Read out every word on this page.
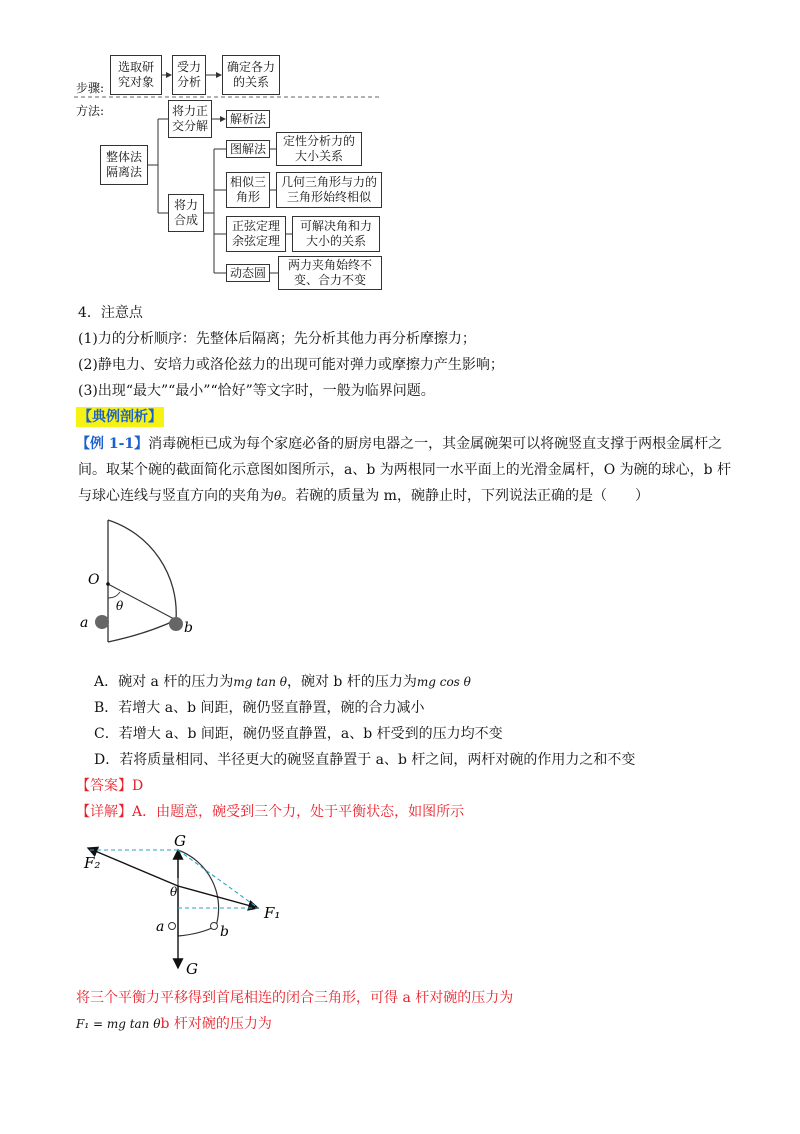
步骤:
选取研究对象
受力分析
确定各力的关系
方法:
整体法隔离法
将力正交分解
解析法
将力合成
图解法
定性分析力的大小关系
相似三角形
几何三角形与力的三角形始终相似
正弦定理余弦定理
可解决角和力大小的关系
动态圆
两力夹角始终不变、合力不变
4．注意点
(1)力的分析顺序：先整体后隔离；先分析其他力再分析摩擦力；
(2)静电力、安培力或洛伦兹力的出现可能对弹力或摩擦力产生影响；
(3)出现“最大”“最小”“恰好”等文字时，一般为临界问题。
【典例剖析】
【例 1-1】消毒碗柜已成为每个家庭必备的厨房电器之一，其金属碗架可以将碗竖直支撑于两根金属杆之
间。取某个碗的截面简化示意图如图所示，a、b 为两根同一水平面上的光滑金属杆，O 为碗的球心，b 杆
与球心连线与竖直方向的夹角为θ。若碗的质量为 m，碗静止时，下列说法正确的是（　　）
O
θ
a	b
A．碗对 a 杆的压力为mg tan θ，碗对 b 杆的压力为mg cos θ
B．若增大 a、b 间距，碗仍竖直静置，碗的合力减小
C．若增大 a、b 间距，碗仍竖直静置，a、b 杆受到的压力均不变
D．若将质量相同、半径更大的碗竖直静置于 a、b 杆之间，两杆对碗的作用力之和不变
【答案】D
【详解】A．由题意，碗受到三个力，处于平衡状态，如图所示
G
F₂
F₁
θ
a	b
G
将三个平衡力平移得到首尾相连的闭合三角形，可得 a 杆对碗的压力为
F₁ = mg tan θb 杆对碗的压力为
